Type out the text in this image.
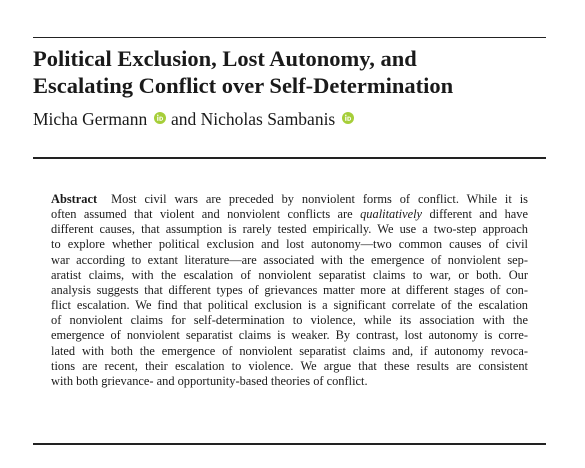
Political Exclusion, Lost Autonomy, and
Escalating Conflict over Self-Determination
Micha Germann and Nicholas Sambanis
Abstract Most civil wars are preceded by nonviolent forms of conflict. While it is
often assumed that violent and nonviolent conflicts are qualitatively different and have
different causes, that assumption is rarely tested empirically. We use a two-step approach
to explore whether political exclusion and lost autonomy—two common causes of civil
war according to extant literature—are associated with the emergence of nonviolent sep-
aratist claims, with the escalation of nonviolent separatist claims to war, or both. Our
analysis suggests that different types of grievances matter more at different stages of con-
flict escalation. We find that political exclusion is a significant correlate of the escalation
of nonviolent claims for self-determination to violence, while its association with the
emergence of nonviolent separatist claims is weaker. By contrast, lost autonomy is corre-
lated with both the emergence of nonviolent separatist claims and, if autonomy revoca-
tions are recent, their escalation to violence. We argue that these results are consistent
with both grievance- and opportunity-based theories of conflict.
